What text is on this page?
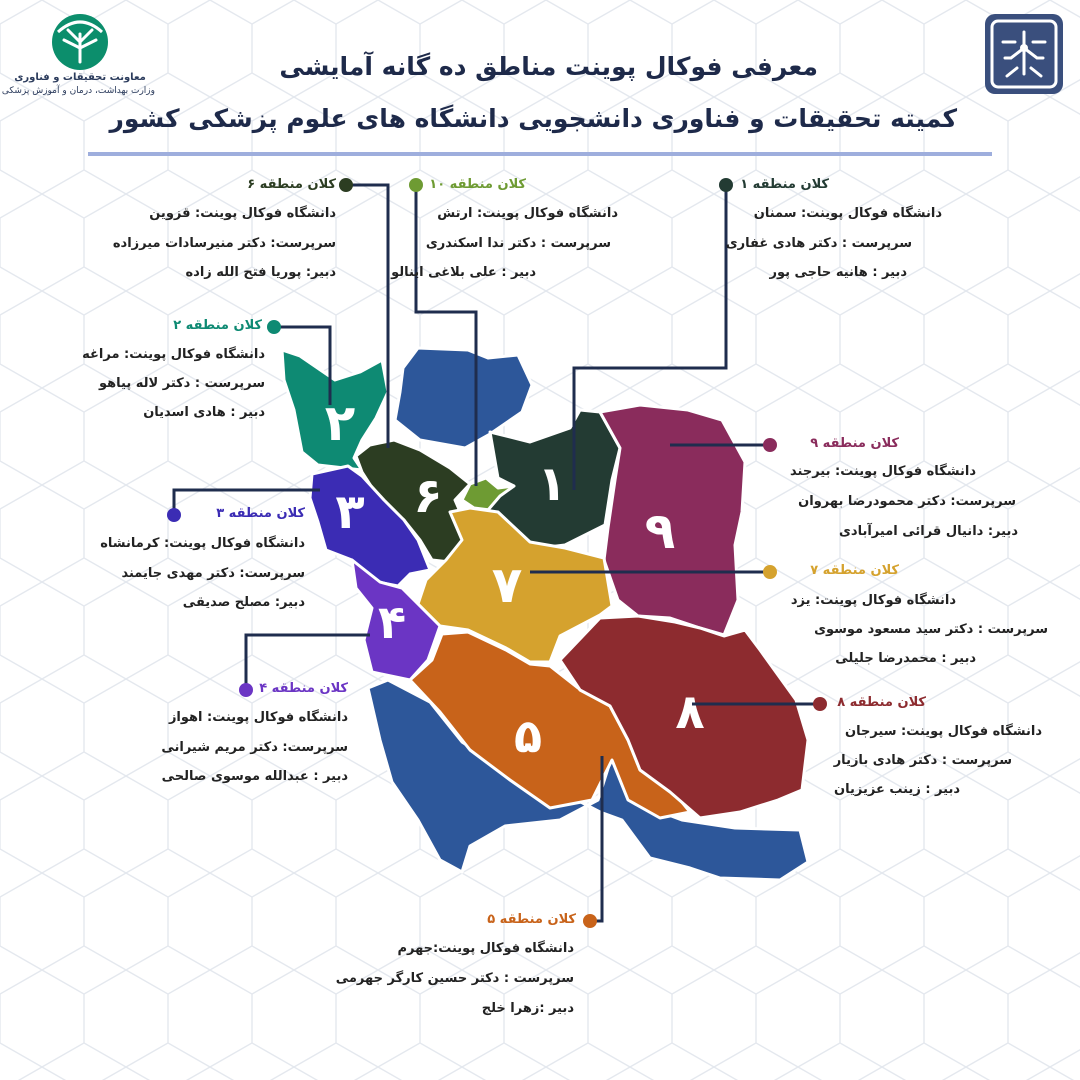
معاونت تحقیقات و فناوری
وزارت بهداشت، درمان و آموزش پزشکی
معرفی فوکال پوینت مناطق ده گانه آمایشی
کمیته تحقیقات و فناوری دانشجویی دانشگاه های علوم پزشکی کشور
۲
۶ ۱
۹
۳
۷
۴
۸
۵
کلان منطقه ۶
دانشگاه فوکال پوینت: قزوین
سرپرست: دکتر منیرسادات میرزاده
دبیر: پوریا فتح الله زاده
کلان منطقه ۱۰
دانشگاه فوکال پوینت: ارتش
سرپرست : دکتر ندا اسکندری
دبیر : علی بلاغی اینالو
کلان منطقه ۱
دانشگاه فوکال پوینت: سمنان
سرپرست : دکتر هادی غفاری
دبیر : هانیه حاجی پور
کلان منطقه ۲
دانشگاه فوکال پوینت: مراغه
سرپرست : دکتر لاله پیاهو
دبیر : هادی اسدیان
کلان منطقه ۹
دانشگاه فوکال پوینت: بیرجند
سرپرست: دکتر محمودرضا بهروان
دبیر: دانیال قرائی امیرآبادی
کلان منطقه ۳
دانشگاه فوکال پوینت: کرمانشاه
سرپرست: دکتر مهدی جایمند
دبیر: مصلح صدیقی
کلان منطقه ۷
دانشگاه فوکال پوینت: یزد
سرپرست : دکتر سید مسعود موسوی
دبیر : محمدرضا جلیلی
کلان منطقه ۴
دانشگاه فوکال پوینت: اهواز
سرپرست: دکتر مریم شیرانی
دبیر : عبدالله موسوی صالحی
کلان منطقه ۸
دانشگاه فوکال پوینت: سیرجان
سرپرست : دکتر هادی بازیار
دبیر : زینب عزیزیان
کلان منطقه ۵
دانشگاه فوکال پوینت:جهرم
سرپرست : دکتر حسین کارگر جهرمی
دبیر :زهرا خلج
